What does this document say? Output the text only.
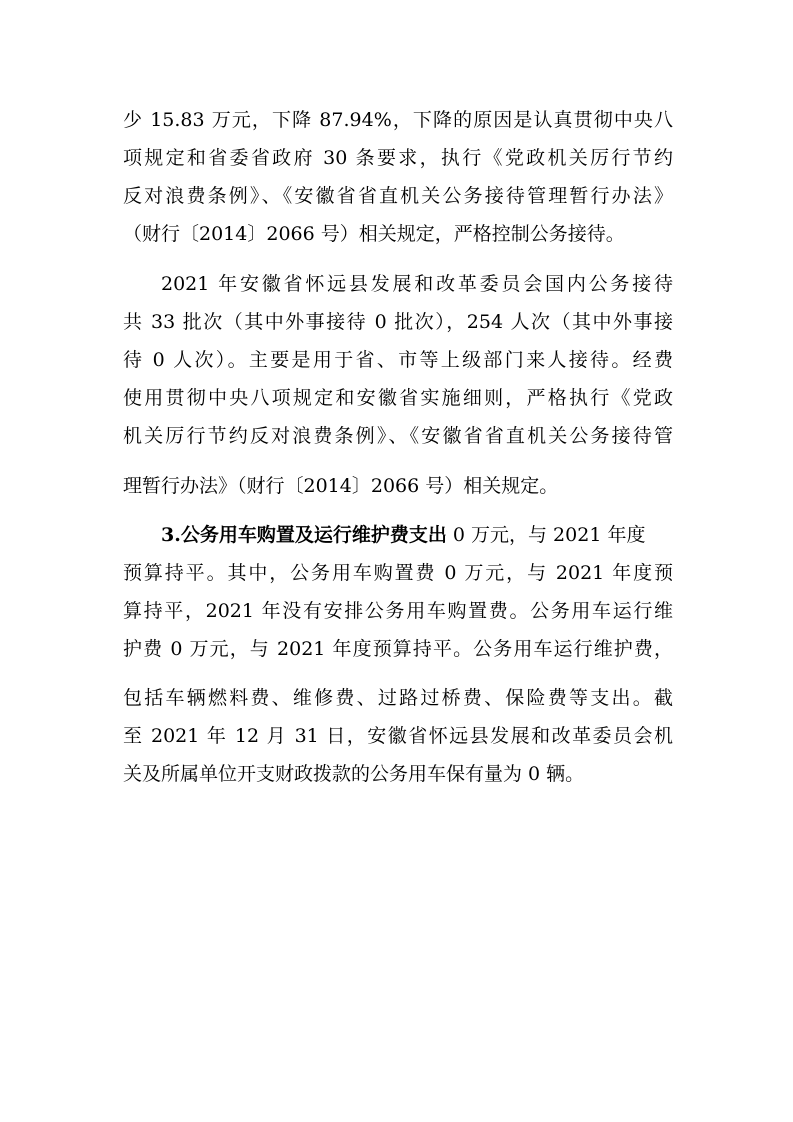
少 15.83 万元，下降 87.94%，下降的原因是认真贯彻中央八
项规定和省委省政府 30 条要求，执行《党政机关厉行节约
反对浪费条例》、《安徽省省直机关公务接待管理暂行办法》
（财行〔2014〕2066 号）相关规定，严格控制公务接待。
2021 年安徽省怀远县发展和改革委员会国内公务接待
共 33 批次（其中外事接待 0 批次），254 人次（其中外事接
待 0 人次）。主要是用于省、市等上级部门来人接待。经费
使用贯彻中央八项规定和安徽省实施细则，严格执行《党政
机关厉行节约反对浪费条例》、《安徽省省直机关公务接待管
理暂行办法》（财行〔2014〕2066 号）相关规定。
3.公务用车购置及运行维护费支出 0 万元，与 2021 年度
预算持平。其中，公务用车购置费 0 万元，与 2021 年度预
算持平，2021 年没有安排公务用车购置费。公务用车运行维
护费 0 万元，与 2021 年度预算持平。公务用车运行维护费，
包括车辆燃料费、维修费、过路过桥费、保险费等支出。截
至 2021 年 12 月 31 日，安徽省怀远县发展和改革委员会机
关及所属单位开支财政拨款的公务用车保有量为 0 辆。
